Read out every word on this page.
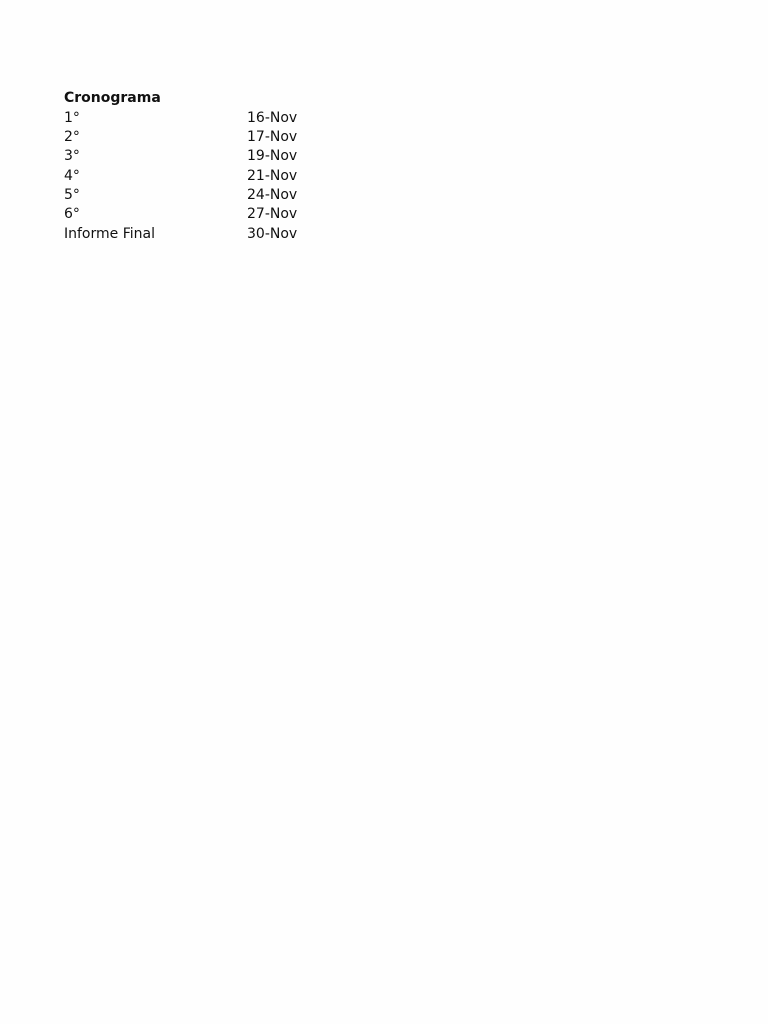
Cronograma
1°	16-Nov
2°	17-Nov
3°	19-Nov
4°	21-Nov
5°	24-Nov
6°	27-Nov
Informe Final	30-Nov
